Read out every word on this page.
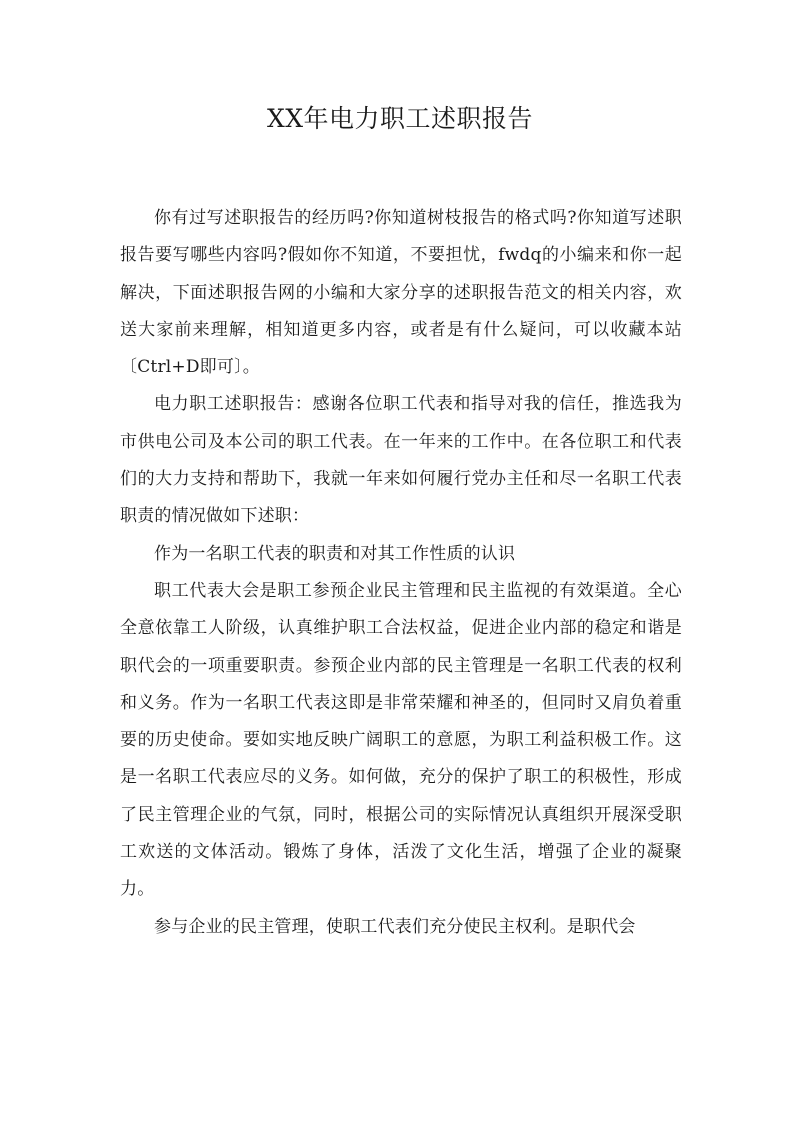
XX年电力职工述职报告

你有过写述职报告的经历吗?你知道树枝报告的格式吗?你知道写述职报告要写哪些内容吗?假如你不知道，不要担忧，fwdq的小编来和你一起解决，下面述职报告网的小编和大家分享的述职报告范文的相关内容，欢送大家前来理解，相知道更多内容，或者是有什么疑问，可以收藏本站〔Ctrl+D即可〕。

电力职工述职报告：感谢各位职工代表和指导对我的信任，推选我为市供电公司及本公司的职工代表。在一年来的工作中。在各位职工和代表们的大力支持和帮助下，我就一年来如何履行党办主任和尽一名职工代表职责的情况做如下述职：

作为一名职工代表的职责和对其工作性质的认识

职工代表大会是职工参预企业民主管理和民主监视的有效渠道。全心全意依靠工人阶级，认真维护职工合法权益，促进企业内部的稳定和谐是职代会的一项重要职责。参预企业内部的民主管理是一名职工代表的权利和义务。作为一名职工代表这即是非常荣耀和神圣的，但同时又肩负着重要的历史使命。要如实地反映广阔职工的意愿，为职工利益积极工作。这是一名职工代表应尽的义务。如何做，充分的保护了职工的积极性，形成了民主管理企业的气氛，同时，根据公司的实际情况认真组织开展深受职工欢送的文体活动。锻炼了身体，活泼了文化生活，增强了企业的凝聚力。

参与企业的民主管理，使职工代表们充分使民主权利。是职代会
